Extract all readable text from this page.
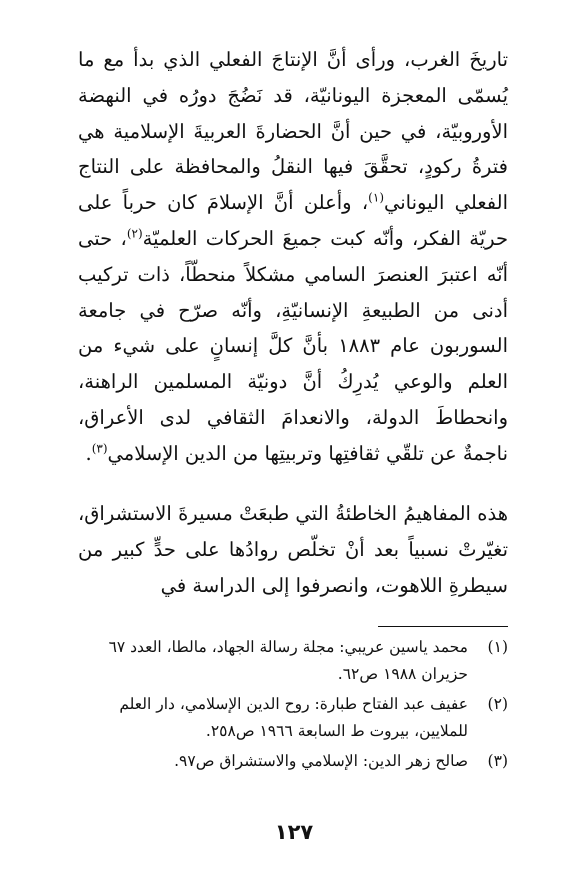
تاريخَ الغرب، ورأى أنَّ الإنتاجَ الفعلي الذي بدأ مع ما يُسمّى المعجزة اليونانيّة، قد نَضُجَ دورُه في النهضة الأوروبيّة، في حين أنَّ الحضارةَ العربيةَ الإسلامية هي فترةُ ركودٍ، تحقَّقَ فيها النقلُ والمحافظة على النتاج الفعلي اليوناني$^{(١)}$، وأعلن أنَّ الإسلامَ كان حرباً على حريّة الفكر، وأنّه كبت جميعَ الحركات العلميّة$^{(٢)}$، حتى أنّه اعتبرَ العنصرَ السامي مشكلاً منحطّاً، ذات تركيب أدنى من الطبيعةِ الإنسانيّةِ، وأنّه صرّح في جامعة السوربون عام ١٨٨٣ بأنَّ كلَّ إنسانٍ على شيء من العلم والوعي يُدرِكُ أنَّ دونيّة المسلمين الراهنة، وانحطاطَ الدولة، والانعدامَ الثقافي لدى الأعراق، ناجمةٌ عن تلقّي ثقافتِها وتربيتِها من الدين الإسلامي$^{(٣)}$.

هذه المفاهيمُ الخاطئةُ التي طبعَتْ مسيرةَ الاستشراق، تغيّرتْ نسبياً بعد أنْ تخلّص روادُها على حدٍّ كبير من سيطرةِ اللاهوت، وانصرفوا إلى الدراسة في

(١)
محمد ياسين عريبي: مجلة رسالة الجهاد، مالطا، العدد ٦٧ حزيران ١٩٨٨ ص٦٢.
(٢)
عفيف عبد الفتاح طبارة: روح الدين الإسلامي، دار العلم للملايين، بيروت ط السابعة ١٩٦٦ ص٢٥٨.
(٣)
صالح زهر الدين: الإسلامي والاستشراق ص٩٧.
١٢٧
